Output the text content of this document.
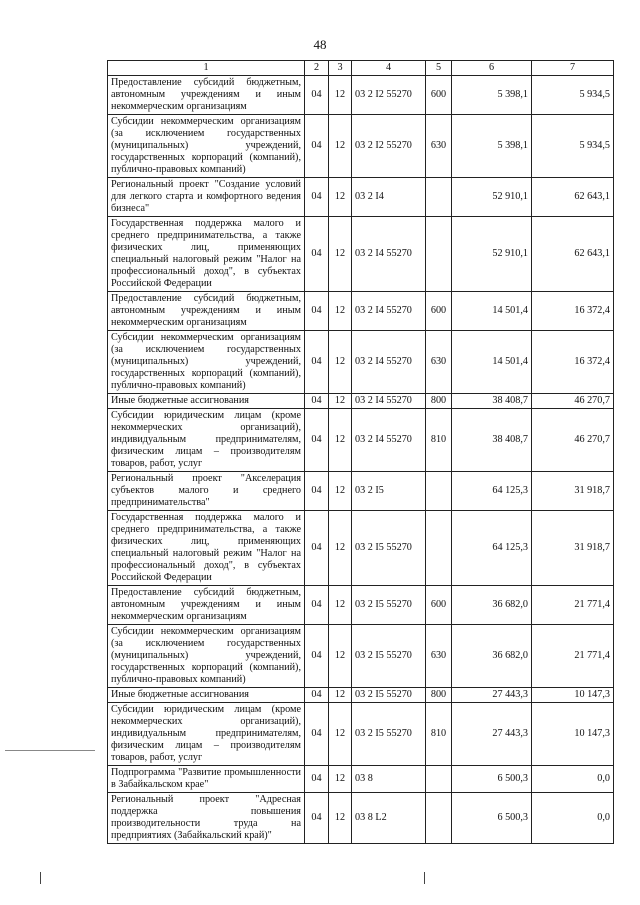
48
1	2	3	4	5	6	7
Предоставление субсидий бюджетным, автономным учреждениям и иным некоммерческим организациям	04	12	03 2 I2 55270	600	5 398,1	5 934,5
Субсидии некоммерческим организациям (за исключением государственных (муниципальных) учреждений, государственных корпораций (компаний), публично-правовых компаний)	04	12	03 2 I2 55270	630	5 398,1	5 934,5
Региональный проект "Создание условий для легкого старта и комфортного ведения бизнеса"	04	12	03 2 I4		52 910,1	62 643,1
Государственная поддержка малого и среднего предпринимательства, а также физических лиц, применяющих специальный налоговый режим "Налог на профессиональный доход", в субъектах Российской Федерации	04	12	03 2 I4 55270		52 910,1	62 643,1
Предоставление субсидий бюджетным, автономным учреждениям и иным некоммерческим организациям	04	12	03 2 I4 55270	600	14 501,4	16 372,4
Субсидии некоммерческим организациям (за исключением государственных (муниципальных) учреждений, государственных корпораций (компаний), публично-правовых компаний)	04	12	03 2 I4 55270	630	14 501,4	16 372,4
Иные бюджетные ассигнования	04	12	03 2 I4 55270	800	38 408,7	46 270,7
Субсидии юридическим лицам (кроме некоммерческих организаций), индивидуальным предпринимателям, физическим лицам – производителям товаров, работ, услуг	04	12	03 2 I4 55270	810	38 408,7	46 270,7
Региональный проект "Акселерация субъектов малого и среднего предпринимательства"	04	12	03 2 I5		64 125,3	31 918,7
Государственная поддержка малого и среднего предпринимательства, а также физических лиц, применяющих специальный налоговый режим "Налог на профессиональный доход", в субъектах Российской Федерации	04	12	03 2 I5 55270		64 125,3	31 918,7
Предоставление субсидий бюджетным, автономным учреждениям и иным некоммерческим организациям	04	12	03 2 I5 55270	600	36 682,0	21 771,4
Субсидии некоммерческим организациям (за исключением государственных (муниципальных) учреждений, государственных корпораций (компаний), публично-правовых компаний)	04	12	03 2 I5 55270	630	36 682,0	21 771,4
Иные бюджетные ассигнования	04	12	03 2 I5 55270	800	27 443,3	10 147,3
Субсидии юридическим лицам (кроме некоммерческих организаций), индивидуальным предпринимателям, физическим лицам – производителям товаров, работ, услуг	04	12	03 2 I5 55270	810	27 443,3	10 147,3
Подпрограмма "Развитие промышленности в Забайкальском крае"	04	12	03 8		6 500,3	0,0
Региональный проект "Адресная поддержка повышения производительности труда на предприятиях (Забайкальский край)"	04	12	03 8 L2		6 500,3	0,0
